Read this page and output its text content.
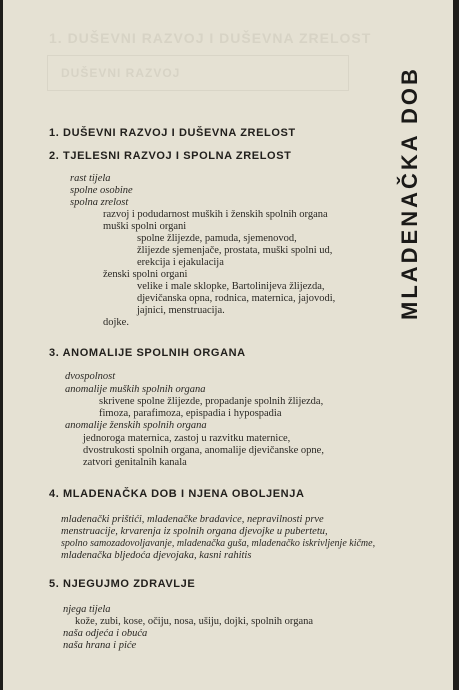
1. DUŠEVNI RAZVOJ I DUŠEVNA ZRELOST
DUŠEVNI RAZVOJ	MLADENAČKA DOB
1. DUŠEVNI RAZVOJ I DUŠEVNA ZRELOST
2. TJELESNI RAZVOJ I SPOLNA ZRELOST
rast tijela
spolne osobine
spolna zrelost
razvoj i podudarnost muških i ženskih spolnih organa
muški spolni organi
spolne žlijezde, pamuda, sjemenovod,
žlijezde sjemenjače, prostata, muški spolni ud,
erekcija i ejakulacija
ženski spolni organi
velike i male sklopke, Bartolinijeva žlijezda,
djevičanska opna, rodnica, maternica, jajovodi,
jajnici, menstruacija.
dojke.
3. ANOMALIJE SPOLNIH ORGANA
dvospolnost
anomalije muških spolnih organa
skrivene spolne žlijezde, propadanje spolnih žlijezda,
fimoza, parafimoza, epispadia i hypospadia
anomalije ženskih spolnih organa
jednoroga maternica, zastoj u razvitku maternice,
dvostrukosti spolnih organa, anomalije djevičanske opne,
zatvori genitalnih kanala
4. MLADENAČKA DOB I NJENA OBOLJENJA
mladenački prištići, mladenačke bradavice, nepravilnosti prve
menstruacije, krvarenja iz spolnih organa djevojke u pubertetu,
spolno samozadovoljavanje, mladenačka guša, mladenačko iskrivljenje kičme,
mladenačka bljedoća djevojaka, kasni rahitis
5. NJEGUJMO ZDRAVLJE
njega tijela
kože, zubi, kose, očiju, nosa, ušiju, dojki, spolnih organa
naša odjeća i obuća
naša hrana i piće
